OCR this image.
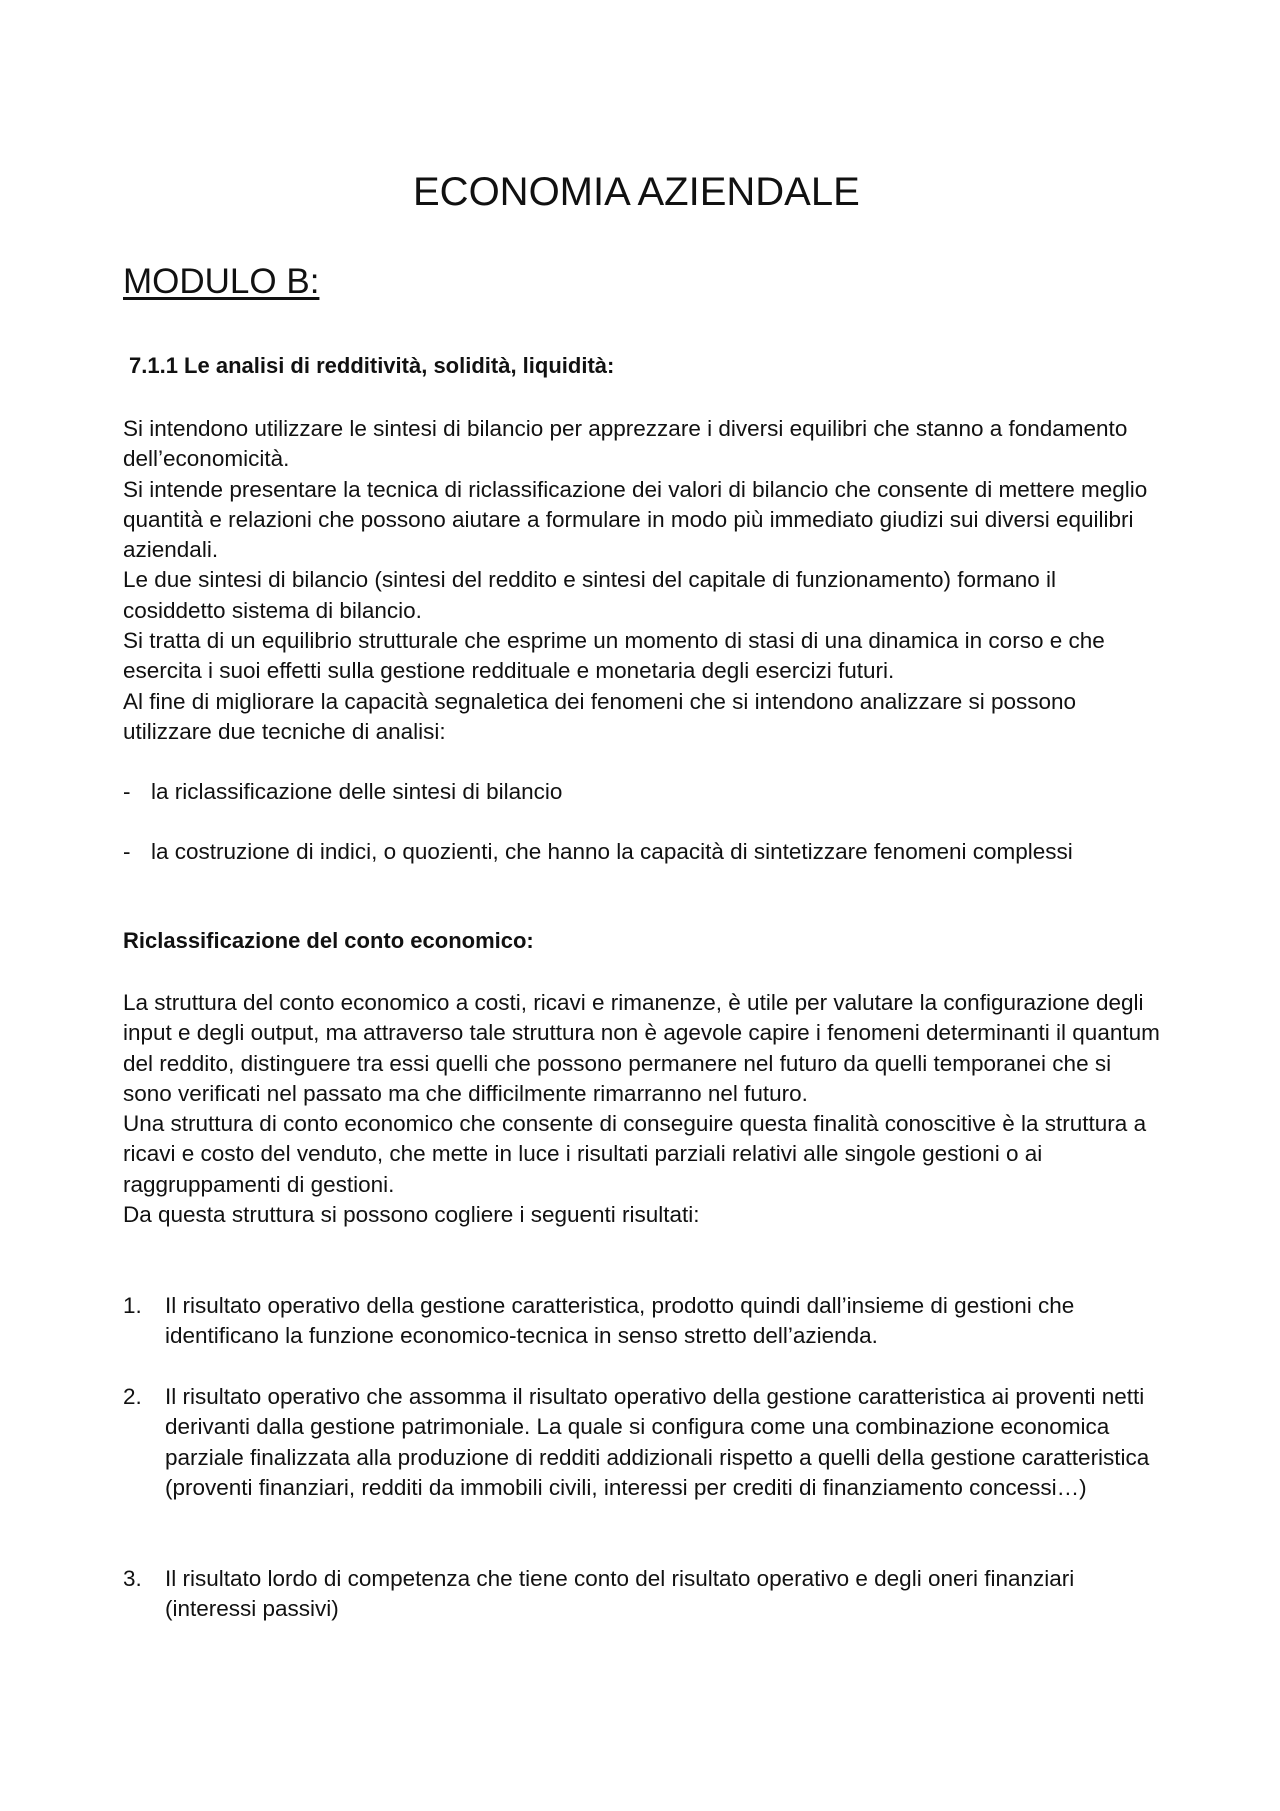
ECONOMIA AZIENDALE
MODULO B:
7.1.1 Le analisi di redditività, solidità, liquidità:

Si intendono utilizzare le sintesi di bilancio per apprezzare i diversi equilibri che stanno a fondamento dell’economicità.

Si intende presentare la tecnica di riclassificazione dei valori di bilancio che consente di mettere meglio quantità e relazioni che possono aiutare a formulare in modo più immediato giudizi sui diversi equilibri aziendali.

Le due sintesi di bilancio (sintesi del reddito e sintesi del capitale di funzionamento) formano il cosiddetto sistema di bilancio.

Si tratta di un equilibrio strutturale che esprime un momento di stasi di una dinamica in corso e che esercita i suoi effetti sulla gestione reddituale e monetaria degli esercizi futuri.

Al fine di migliorare la capacità segnaletica dei fenomeni che si intendono analizzare si possono utilizzare due tecniche di analisi:

- la riclassificazione delle sintesi di bilancio
- la costruzione di indici, o quozienti, che hanno la capacità di sintetizzare fenomeni complessi
Riclassificazione del conto economico:

La struttura del conto economico a costi, ricavi e rimanenze, è utile per valutare la configurazione degli input e degli output, ma attraverso tale struttura non è agevole capire i fenomeni determinanti il quantum del reddito, distinguere tra essi quelli che possono permanere nel futuro da quelli temporanei che si sono verificati nel passato ma che difficilmente rimarranno nel futuro.

Una struttura di conto economico che consente di conseguire questa finalità conoscitive è la struttura a ricavi e costo del venduto, che mette in luce i risultati parziali relativi alle singole gestioni o ai raggruppamenti di gestioni.

Da questa struttura si possono cogliere i seguenti risultati:

1. Il risultato operativo della gestione caratteristica, prodotto quindi dall’insieme di gestioni che identificano la funzione economico-tecnica in senso stretto dell’azienda.
2. Il risultato operativo che assomma il risultato operativo della gestione caratteristica ai proventi netti derivanti dalla gestione patrimoniale. La quale si configura come una combinazione economica parziale finalizzata alla produzione di redditi addizionali rispetto a quelli della gestione caratteristica (proventi finanziari, redditi da immobili civili, interessi per crediti di finanziamento concessi…)
3. Il risultato lordo di competenza che tiene conto del risultato operativo e degli oneri finanziari (interessi passivi)
